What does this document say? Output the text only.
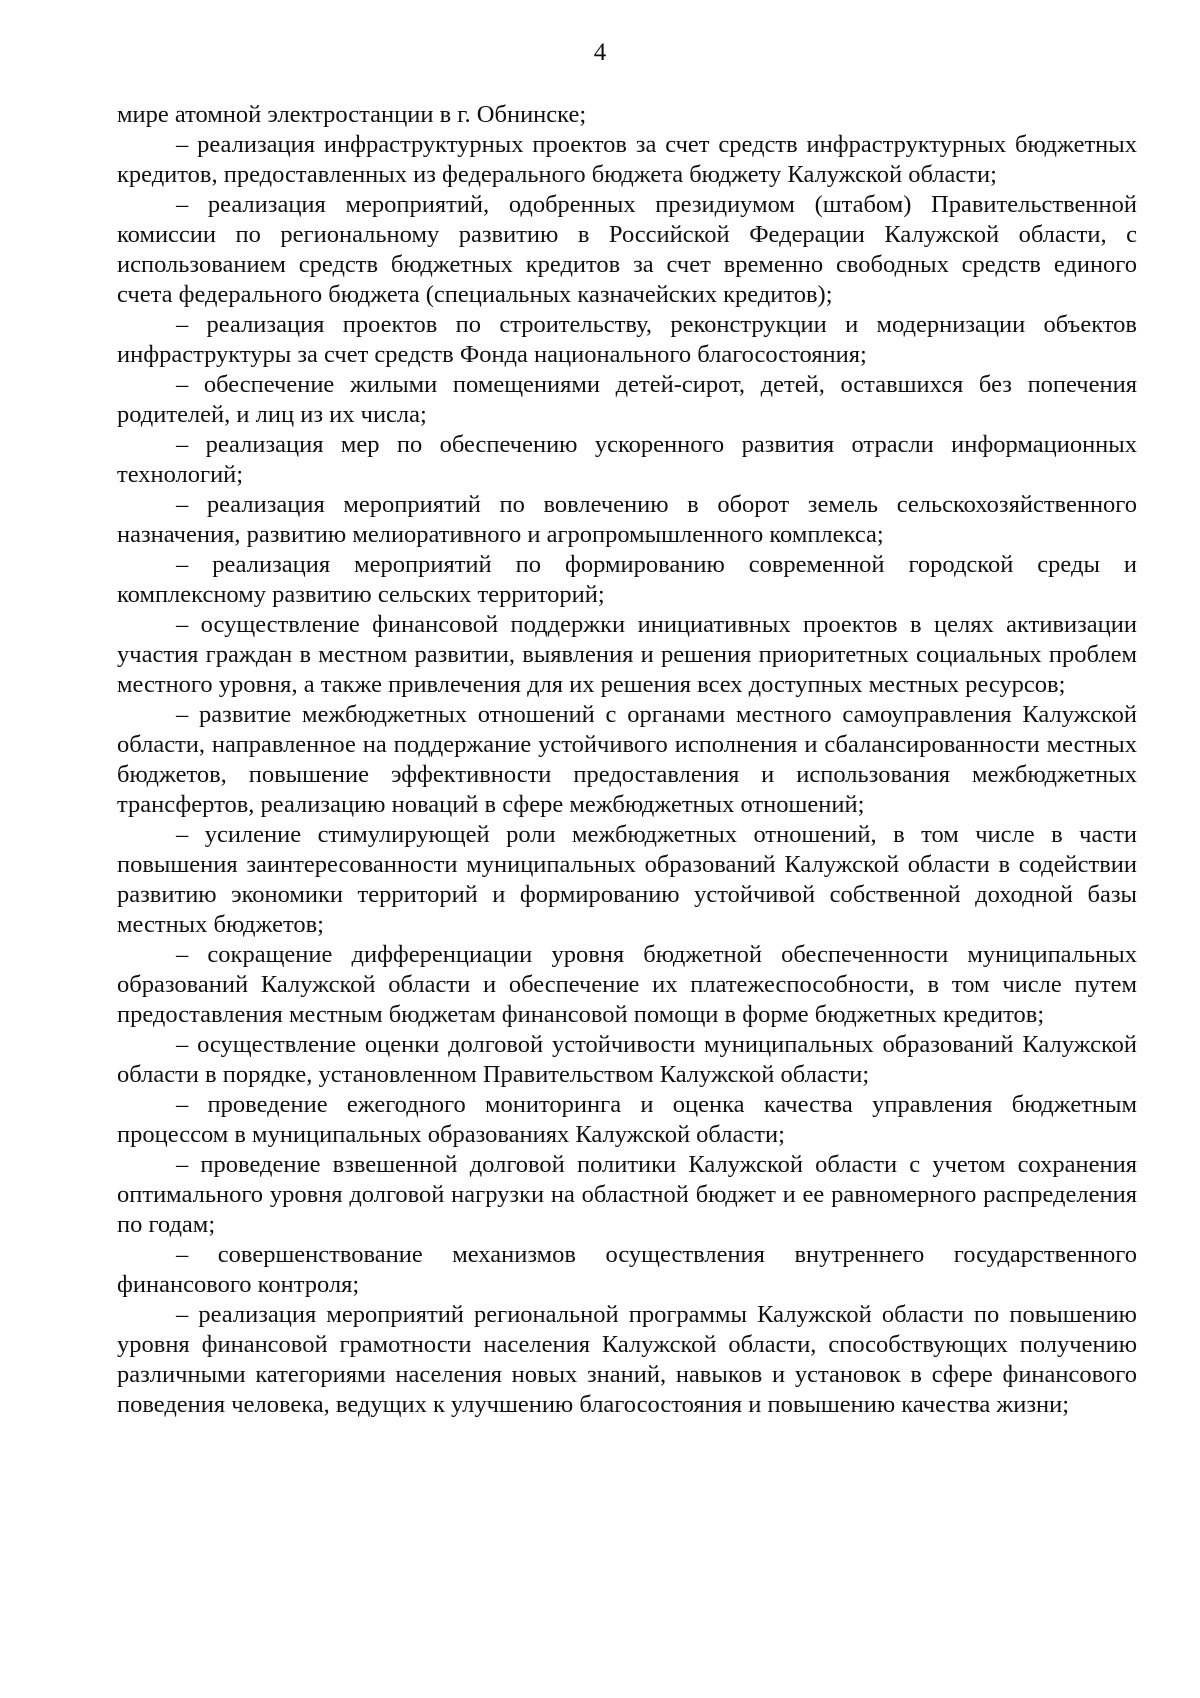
4

мире атомной электростанции в г. Обнинске;

– реализация инфраструктурных проектов за счет средств инфраструктурных бюджетных кредитов, предоставленных из федерального бюджета бюджету Калужской области;

– реализация мероприятий, одобренных президиумом (штабом) Правительственной комиссии по региональному развитию в Российской Федерации Калужской области, с использованием средств бюджетных кредитов за счет временно свободных средств единого счета федерального бюджета (специальных казначейских кредитов);

– реализация проектов по строительству, реконструкции и модернизации объектов инфраструктуры за счет средств Фонда национального благосостояния;

– обеспечение жилыми помещениями детей-сирот, детей, оставшихся без попечения родителей, и лиц из их числа;

– реализация мер по обеспечению ускоренного развития отрасли информационных технологий;

– реализация мероприятий по вовлечению в оборот земель сельскохозяйственного назначения, развитию мелиоративного и агропромышленного комплекса;

– реализация мероприятий по формированию современной городской среды и комплексному развитию сельских территорий;

– осуществление финансовой поддержки инициативных проектов в целях активизации участия граждан в местном развитии, выявления и решения приоритетных социальных проблем местного уровня, а также привлечения для их решения всех доступных местных ресурсов;

– развитие межбюджетных отношений с органами местного самоуправления Калужской области, направленное на поддержание устойчивого исполнения и сбалансированности местных бюджетов, повышение эффективности предоставления и использования межбюджетных трансфертов, реализацию новаций в сфере межбюджетных отношений;

– усиление стимулирующей роли межбюджетных отношений, в том числе в части повышения заинтересованности муниципальных образований Калужской области в содействии развитию экономики территорий и формированию устойчивой собственной доходной базы местных бюджетов;

– сокращение дифференциации уровня бюджетной обеспеченности муниципальных образований Калужской области и обеспечение их платежеспособности, в том числе путем предоставления местным бюджетам финансовой помощи в форме бюджетных кредитов;

– осуществление оценки долговой устойчивости муниципальных образований Калужской области в порядке, установленном Правительством Калужской области;

– проведение ежегодного мониторинга и оценка качества управления бюджетным процессом в муниципальных образованиях Калужской области;

– проведение взвешенной долговой политики Калужской области с учетом сохранения оптимального уровня долговой нагрузки на областной бюджет и ее равномерного распределения по годам;

– совершенствование механизмов осуществления внутреннего государственного финансового контроля;

– реализация мероприятий региональной программы Калужской области по повышению уровня финансовой грамотности населения Калужской области, способствующих получению различными категориями населения новых знаний, навыков и установок в сфере финансового поведения человека, ведущих к улучшению благосостояния и повышению качества жизни;
